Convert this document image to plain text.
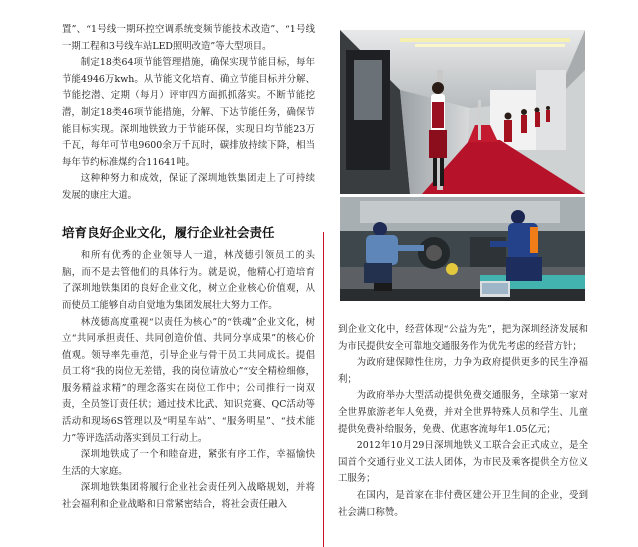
置”、“1号线一期环控空调系统变频节能技术改造”、“1号线一期工程和3号线车站LED照明改造”等大型项目。

制定18类64项节能管理措施，确保实现节能目标，每年节能4946万kwh。从节能文化培育、确立节能目标并分解、节能挖潜、定期（每月）评审四方面抓抓落实。不断节能挖潜，制定18类46项节能措施，分解、下达节能任务，确保节能目标实现。深圳地铁致力于节能环保，实现日均节能23万千瓦，每年可节电9600余万千瓦时，碳排放持续下降，相当每年节约标准煤约合11641吨。

这种种努力和成效，保证了深圳地铁集团走上了可持续发展的康庄大道。

培育良好企业文化，履行企业社会责任

和所有优秀的企业领导人一道，林茂德引领员工的头脑，而不是去管他们的具体行为。就是说，他精心打造培育了深圳地铁集团的良好企业文化，树立企业核心价值观，从而使员工能够自动自觉地为集团发展壮大努力工作。

林茂德高度重视“以责任为核心”的“铁魂”企业文化，树立“共同承担责任、共同创造价值、共同分享成果”的核心价值观。领导率先垂范，引导企业与骨干员工共同成长。提倡员工将“我的岗位无差错，我的岗位请放心”“安全精检细修，服务精益求精”的理念落实在岗位工作中；公司推行一岗双责，全员签订责任状；通过技术比武、知识竞赛、QC活动等活动和现场6S管理以及“明星车站”、“服务明星”、“技术能力”等评选活动落实到员工行动上。

深圳地铁成了一个和睦奋进，紧张有序工作，幸福愉快生活的大家庭。

深圳地铁集团将履行企业社会责任列入战略规划，并将社会福利和企业战略和日常紧密结合，将社会责任融入

到企业文化中，经营体现“公益为先”，把为深圳经济发展和为市民提供安全可靠地交通服务作为优先考虑的经营方针；

为政府建保障性住房，力争为政府提供更多的民生净福利；

为政府举办大型活动提供免费交通服务，全球第一家对全世界旅游老年人免费，并对全世界特殊人员和学生、儿童提供免费补给服务，免费、优惠客流每年1.05亿元；

2012年10月29日深圳地铁义工联合会正式成立，是全国首个交通行业义工法人团体，为市民及乘客提供全方位义工服务；

在国内，是首家在非付费区建公开卫生间的企业，受到社会满口称赞。
